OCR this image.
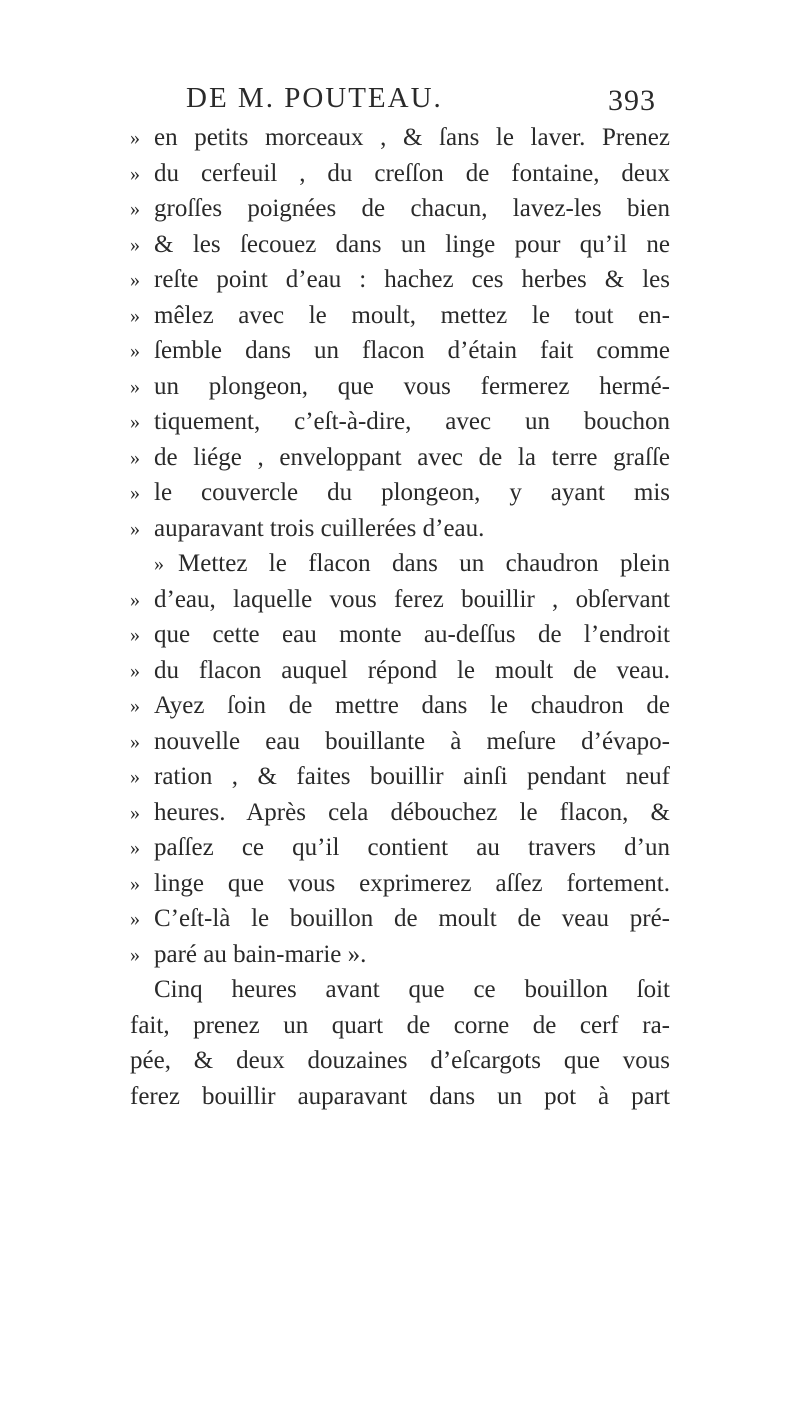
DE M. POUTEAU.	393
» en petits morceaux , & ſans le laver. Prenez
» du cerfeuil , du creſſon de fontaine, deux
» groſſes poignées de chacun, lavez-les bien
» & les ſecouez dans un linge pour qu’il ne
» reſte point d’eau : hachez ces herbes & les
» mêlez avec le moult, mettez le tout en-
» ſemble dans un flacon d’étain fait comme
» un plongeon, que vous fermerez hermé-
» tiquement, c’eſt-à-dire, avec un bouchon
» de liége , enveloppant avec de la terre graſſe
» le couvercle du plongeon, y ayant mis
» auparavant trois cuillerées d’eau.
» Mettez le flacon dans un chaudron plein
» d’eau, laquelle vous ferez bouillir , obſervant
» que cette eau monte au-deſſus de l’endroit
» du flacon auquel répond le moult de veau.
» Ayez ſoin de mettre dans le chaudron de
» nouvelle eau bouillante à meſure d’évapo-
» ration , & faites bouillir ainſi pendant neuf
» heures. Après cela débouchez le flacon, &
» paſſez ce qu’il contient au travers d’un
» linge que vous exprimerez aſſez fortement.
» C’eſt-là le bouillon de moult de veau pré-
» paré au bain-marie ».
Cinq heures avant que ce bouillon ſoit
fait, prenez un quart de corne de cerf ra-
pée, & deux douzaines d’eſcargots que vous
ferez bouillir auparavant dans un pot à part
